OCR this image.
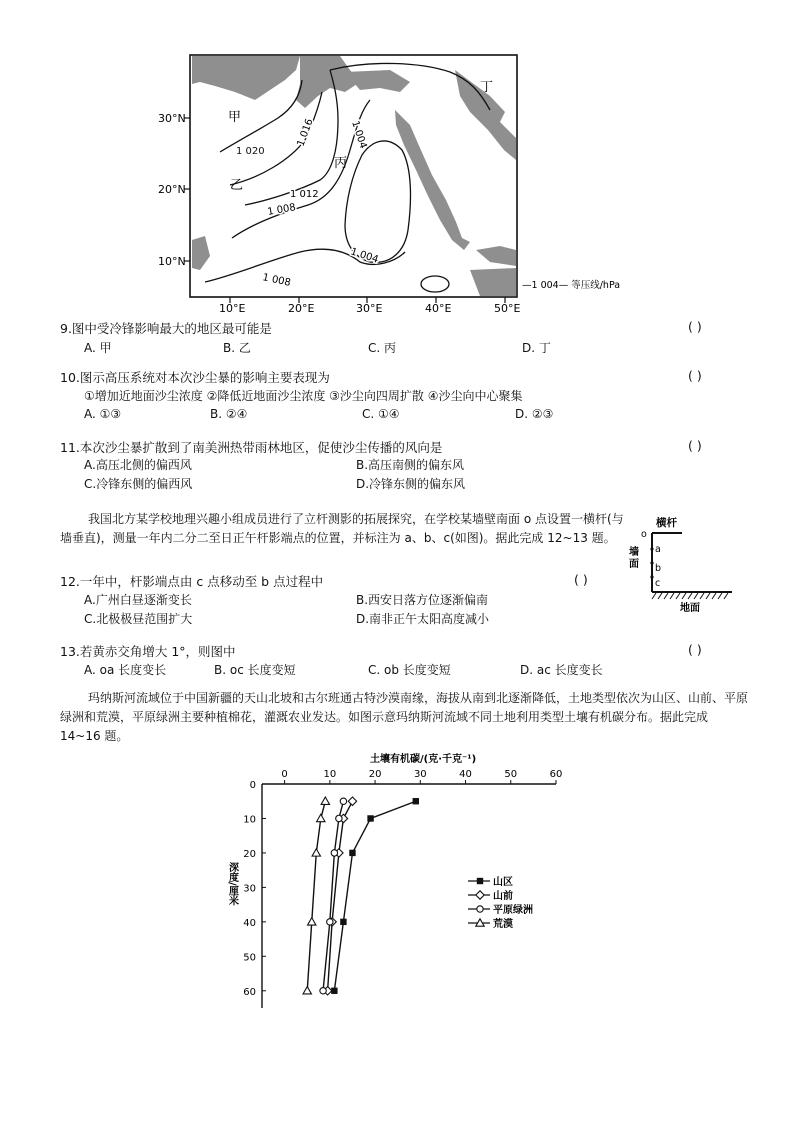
30°N
20°N
10°N
10°E	20°E	30°E	40°E	50°E
甲
乙
丙
丁
1 020
1 016
1 012
1 008
1 004
1 004
1 008	—1 004— 等压线/hPa
9.图中受冷锋影响最大的地区最可能是	( )
A. 甲	B. 乙	C. 丙	D. 丁
10.图示高压系统对本次沙尘暴的影响主要表现为	( )
①增加近地面沙尘浓度 ②降低近地面沙尘浓度 ③沙尘向四周扩散 ④沙尘向中心聚集
A. ①③	B. ②④	C. ①④	D. ②③
11.本次沙尘暴扩散到了南美洲热带雨林地区，促使沙尘传播的风向是	( )
A.高压北侧的偏西风	B.高压南侧的偏东风
C.冷锋东侧的偏西风	D.冷锋东侧的偏东风
我国北方某学校地理兴趣小组成员进行了立杆测影的拓展探究，在学校某墙壁南面 o 点设置一横杆(与墙垂直)，测量一年内二分二至日正午杆影端点的位置，并标注为 a、b、c(如图)。据此完成 12~13 题。
横杆
o
a
b
c
墙面
地面
12.一年中，杆影端点由 c 点移动至 b 点过程中	( )
A.广州白昼逐渐变长	B.西安日落方位逐渐偏南
C.北极极昼范围扩大	D.南非正午太阳高度减小
13.若黄赤交角增大 1°，则图中	( )
A. oa 长度变长	B. oc 长度变短	C. ob 长度变短	D. ac 长度变长
玛纳斯河流域位于中国新疆的天山北坡和古尔班通古特沙漠南缘，海拔从南到北逐渐降低，土地类型依次为山区、山前、平原绿洲和荒漠，平原绿洲主要种植棉花，灌溉农业发达。如图示意玛纳斯河流域不同土地利用类型土壤有机碳分布。据此完成 14~16 题。
土壤有机碳/(克·千克⁻¹)
深度/厘米
0	10	20	30	40	50	60
0
10
20
30
40
50
60
山区
山前
平原绿洲
荒漠
